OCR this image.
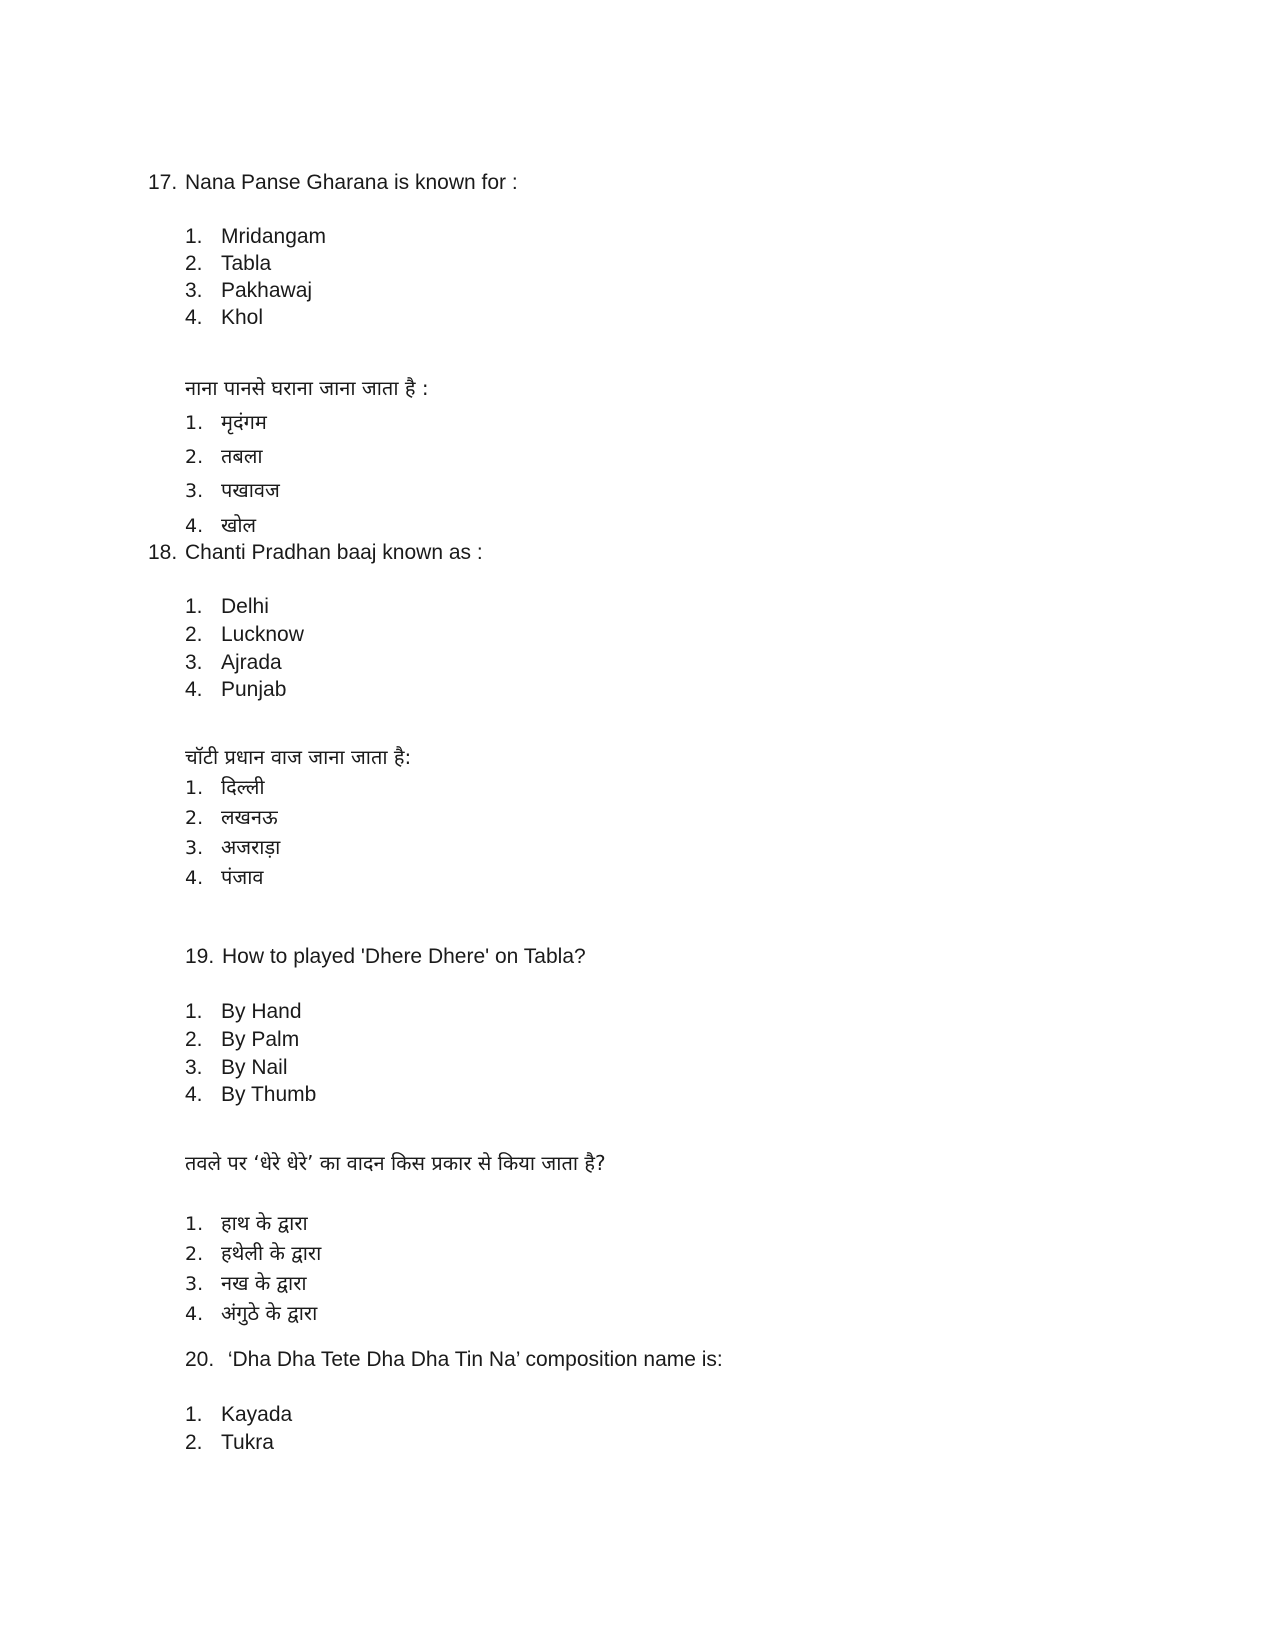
17. Nana Panse Gharana is known for :
1. Mridangam
2. Tabla
3. Pakhawaj
4. Khol
नाना पानसे घराना जाना जाता है :
1. मृदंगम
2. तबला
3. पखावज
4. खोल
18. Chanti Pradhan baaj known as :
1. Delhi
2. Lucknow
3. Ajrada
4. Punjab
चॉटी प्रधान वाज जाना जाता है:
1. दिल्ली
2. लखनऊ
3. अजराड़ा
4. पंजाव
19. How to played 'Dhere Dhere' on Tabla?
1. By Hand
2. By Palm
3. By Nail
4. By Thumb
तवले पर ‘धेरे धेरे’ का वादन किस प्रकार से किया जाता है?
1. हाथ के द्वारा
2. हथेली के द्वारा
3. नख के द्वारा
4. अंगुठे के द्वारा
20. ‘Dha Dha Tete Dha Dha Tin Na’ composition name is:
1. Kayada
2. Tukra
